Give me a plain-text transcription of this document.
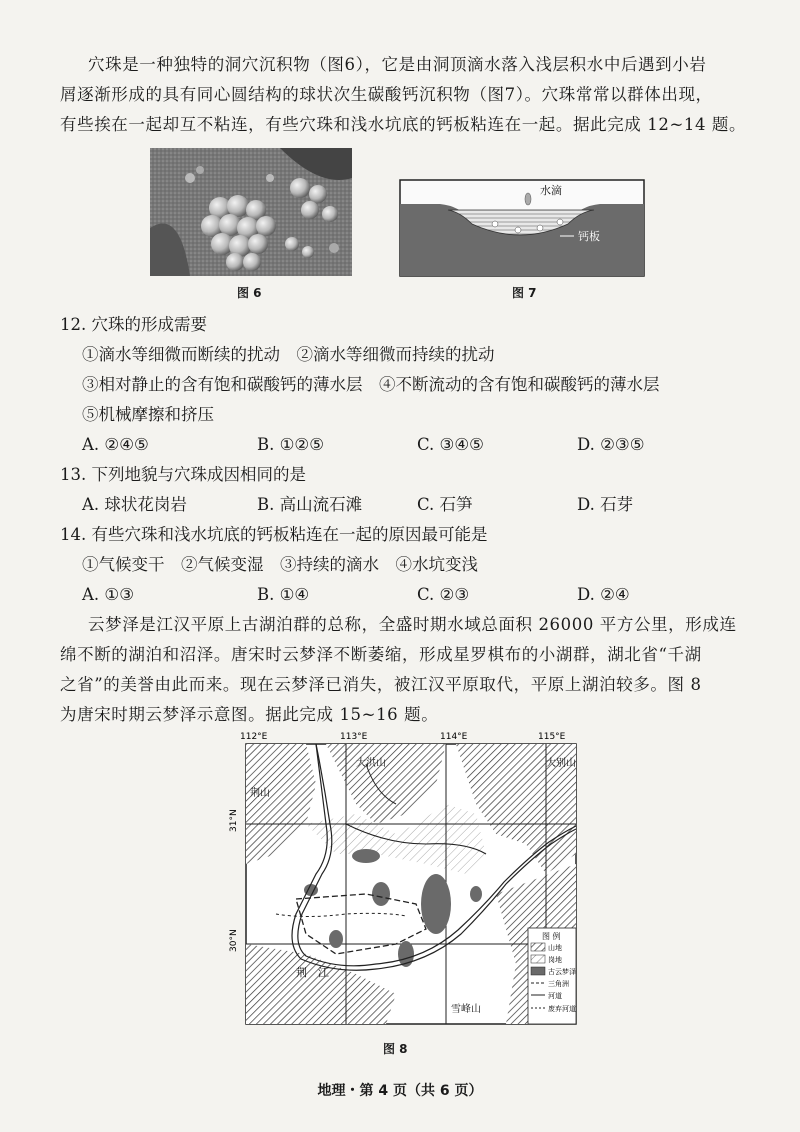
穴珠是一种独特的洞穴沉积物（图6），它是由洞顶滴水落入浅层积水中后遇到小岩
屑逐渐形成的具有同心圆结构的球状次生碳酸钙沉积物（图7）。穴珠常常以群体出现，
有些挨在一起却互不粘连，有些穴珠和浅水坑底的钙板粘连在一起。据此完成 12~14 题。
图 6
水滴
钙板
图 7
12. 穴珠的形成需要
①滴水等细微而断续的扰动　②滴水等细微而持续的扰动
③相对静止的含有饱和碳酸钙的薄水层　④不断流动的含有饱和碳酸钙的薄水层
⑤机械摩擦和挤压
A. ②④⑤	B. ①②⑤	C. ③④⑤	D. ②③⑤
13. 下列地貌与穴珠成因相同的是
A. 球状花岗岩	B. 高山流石滩	C. 石笋	D. 石芽
14. 有些穴珠和浅水坑底的钙板粘连在一起的原因最可能是
①气候变干　②气候变湿　③持续的滴水　④水坑变浅
A. ①③	B. ①④	C. ②③	D. ②④
云梦泽是江汉平原上古湖泊群的总称，全盛时期水域总面积 26000 平方公里，形成连
绵不断的湖泊和沼泽。唐宋时云梦泽不断萎缩，形成星罗棋布的小湖群，湖北省“千湖
之省”的美誉由此而来。现在云梦泽已消失，被江汉平原取代，平原上湖泊较多。图 8
为唐宋时期云梦泽示意图。据此完成 15~16 题。
112°E	113°E	114°E	115°E
荆山
大洪山	大别山
荆　江
雪峰山
图 例
山地
岗地
古云梦泽
三角洲
河道
废弃河道
31°N
30°N
图 8
地理・第 4 页（共 6 页）
